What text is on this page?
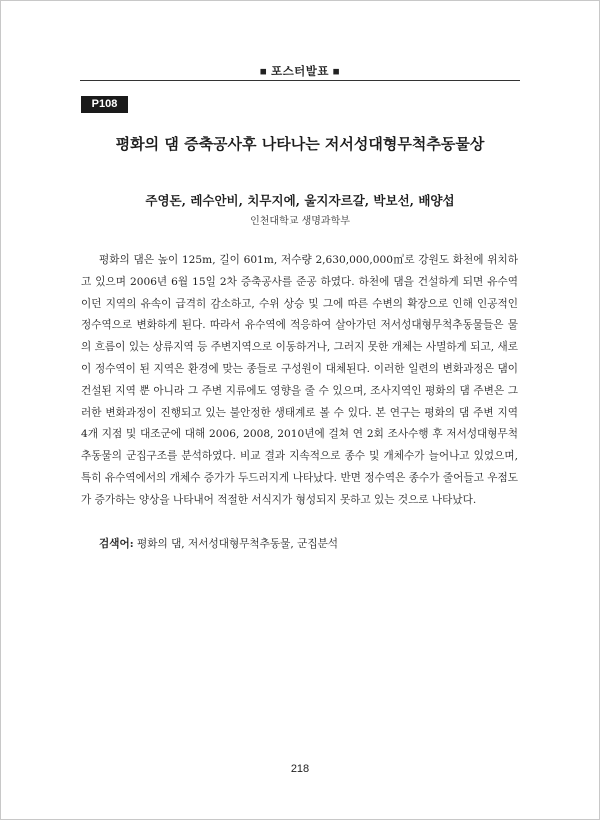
■ 포스터발표 ■
P108
평화의 댐 증축공사후 나타나는 저서성대형무척추동물상
주영돈, 레수안비, 치무지에, 울지자르갈, 박보선, 배양섭
인천대학교 생명과학부

평화의 댐은 높이 125m, 길이 601m, 저수량 2,630,000,000㎥로 강원도 화천에 위치하고 있으며 2006년 6월 15일 2차 증축공사를 준공 하였다. 하천에 댐을 건설하게 되면 유수역이던 지역의 유속이 급격히 감소하고, 수위 상승 및 그에 따른 수변의 확장으로 인해 인공적인 정수역으로 변화하게 된다. 따라서 유수역에 적응하여 살아가던 저서성대형무척추동물들은 물의 흐름이 있는 상류지역 등 주변지역으로 이동하거나, 그러지 못한 개체는 사멸하게 되고, 새로이 정수역이 된 지역은 환경에 맞는 종들로 구성원이 대체된다. 이러한 일련의 변화과정은 댐이 건설된 지역 뿐 아니라 그 주변 지류에도 영향을 줄 수 있으며, 조사지역인 평화의 댐 주변은 그러한 변화과정이 진행되고 있는 불안정한 생태계로 볼 수 있다. 본 연구는 평화의 댐 주변 지역 4개 지점 및 대조군에 대해 2006, 2008, 2010년에 걸쳐 연 2회 조사수행 후 저서성대형무척추동물의 군집구조를 분석하였다. 비교 결과 지속적으로 종수 및 개체수가 늘어나고 있었으며, 특히 유수역에서의 개체수 증가가 두드러지게 나타났다. 반면 정수역은 종수가 줄어들고 우점도가 증가하는 양상을 나타내어 적절한 서식지가 형성되지 못하고 있는 것으로 나타났다.

검색어: 평화의 댐, 저서성대형무척추동물, 군집분석
218
